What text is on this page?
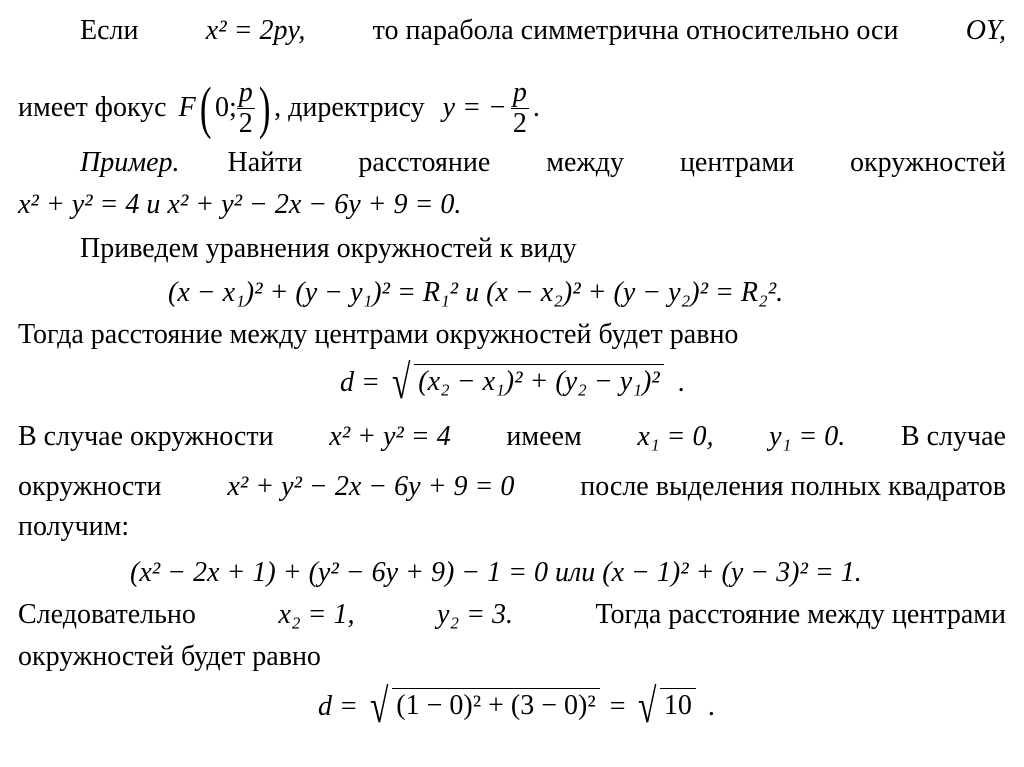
Если x² = 2py, то парабола симметрична относительно оси OY,
имеет фокус F ( 0; $\frac{p}{2}$ ) , директрису y = − $\frac{p}{2}$ .
Пример. Найти расстояние между центрами окружностей
x² + y² = 4 и x² + y² − 2x − 6y + 9 = 0.
Приведем уравнения окружностей к виду
(x − x₁)² + (y − y₁)² = R₁² и (x − x₂)² + (y − y₂)² = R₂².
Тогда расстояние между центрами окружностей будет равно
d = √ (x₂ − x₁)² + (y₂ − y₁)² .
В случае окружности x² + y² = 4 имеем x₁ = 0, y₁ = 0. В случае
окружности x² + y² − 2x − 6y + 9 = 0 после выделения полных квадратов
получим:
(x² − 2x + 1) + (y² − 6y + 9) − 1 = 0 или (x − 1)² + (y − 3)² = 1.
Следовательно	x₂ = 1,	y₂ = 3.	Тогда расстояние между центрами
окружностей будет равно
d = √ (1 − 0)² + (3 − 0)² = √ 10 .
